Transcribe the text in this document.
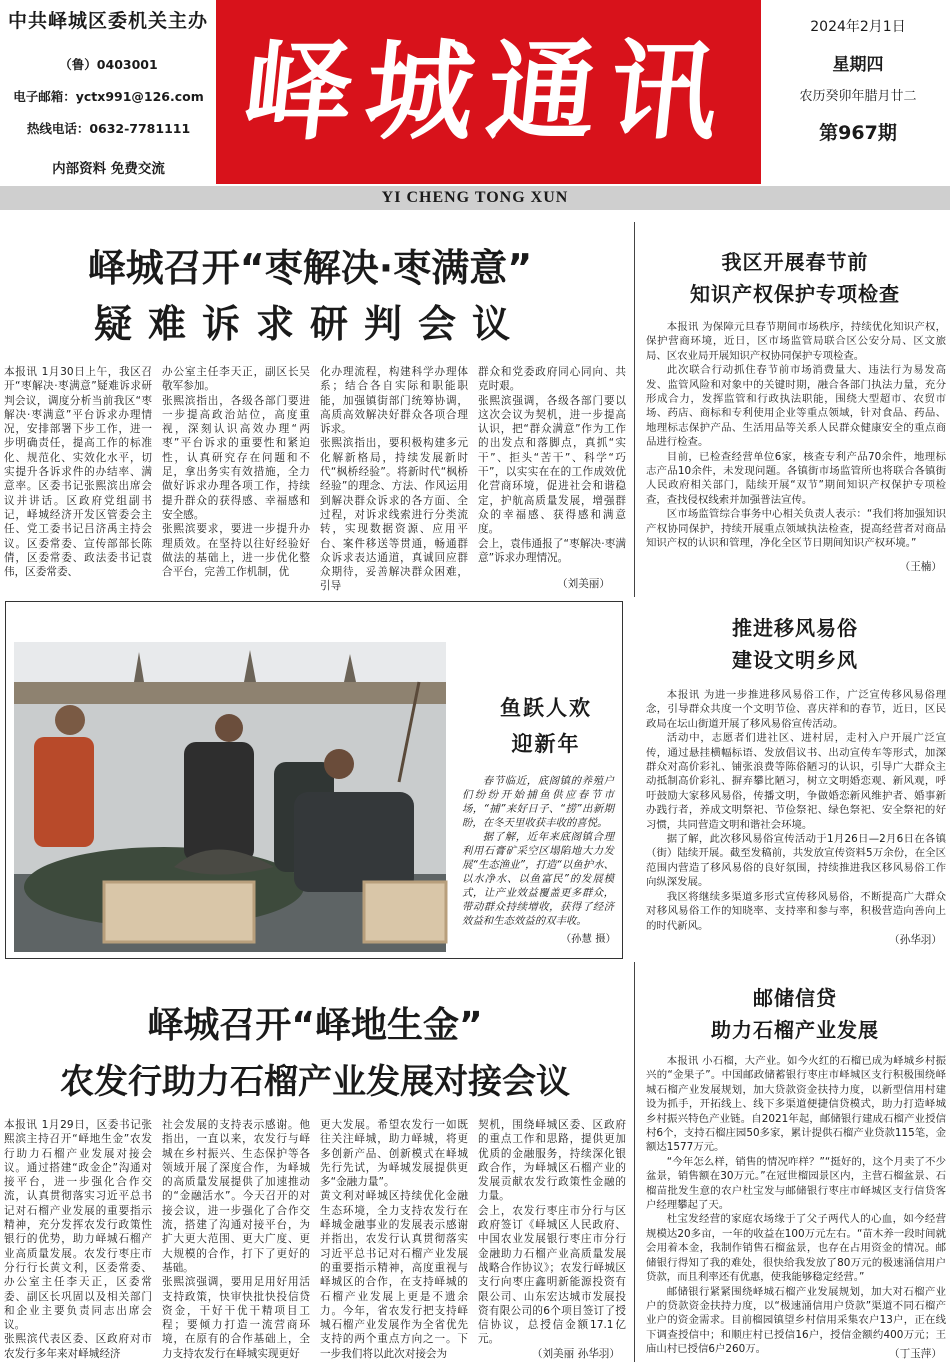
中共峄城区委机关主办
（鲁）0403001
电子邮箱：yctx991@126.com
热线电话：0632-7781111
内部资料 免费交流
峄城通讯
2024年2月1日
星期四
农历癸卯年腊月廿二
第967期
YI CHENG TONG XUN
峄城召开“枣解决·枣满意”
疑难诉求研判会议
本报讯 1月30日上午，我区召开“枣解决·枣满意”疑难诉求研判会议，调度分析当前我区“枣解决·枣满意”平台诉求办理情况，安排部署下步工作，进一步明确责任，提高工作的标准化、规范化、实效化水平，切实提升各诉求件的办结率、满意率。区委书记张熙滨出席会议并讲话。区政府党组副书记，峄城经济开发区管委会主任、党工委书记吕济禹主持会议。区委常委、宣传部部长陈倩，区委常委、政法委书记袁伟，区委常委、
办公室主任李天正，副区长吴敬军参加。
张熙滨指出，各级各部门要进一步提高政治站位，高度重视，深刻认识高效办理“两枣”平台诉求的重要性和紧迫性，认真研究存在问题和不足，拿出务实有效措施，全力做好诉求办理各项工作，持续提升群众的获得感、幸福感和安全感。
张熙滨要求，要进一步提升办理质效。在坚持以往好经验好做法的基础上，进一步优化整合平台，完善工作机制，优
化办理流程，构建科学办理体系；结合各自实际和职能职能，加强镇街部门统筹协调，高质高效解决好群众各项合理诉求。
张熙滨指出，要积极构建多元化解新格局，持续发展新时代“枫桥经验”。将新时代“枫桥经验”的理念、方法、作风运用到解决群众诉求的各方面、全过程，对诉求线索进行分类流转，实现数据资源、应用平台、案件移送等贯通，畅通群众诉求表达通道，真诚回应群众期待，妥善解决群众困难，引导
群众和党委政府同心同向、共克时艰。
张熙滨强调，各级各部门要以这次会议为契机，进一步提高认识，把“群众满意”作为工作的出发点和落脚点，真抓“实干”、拒头“苦干”、科学“巧干”，以实实在在的工作成效优化营商环境，促进社会和谐稳定，护航高质量发展，增强群众的幸福感、获得感和满意度。
会上，袁伟通报了“枣解决·枣满意”诉求办理情况。
（刘美丽）
我区开展春节前
知识产权保护专项检查

本报讯 为保障元旦春节期间市场秩序，持续优化知识产权，保护营商环境，近日，区市场监管局联合区公安分局、区文旅局、区农业局开展知识产权协同保护专项检查。

此次联合行动抓住春节前市场消费量大、违法行为易发高发、监管风险和对象中的关键时期，融合各部门执法力量，充分形成合力，发挥监管和行政执法职能，围绕大型超市、农贸市场、药店、商标和专利使用企业等重点领域，针对食品、药品、地理标志保护产品、生活用品等关系人民群众健康安全的重点商品进行检查。

目前，已检查经营单位6家，核查专利产品70余件，地理标志产品10余件，未发现问题。各镇街市场监管所也将联合各镇街人民政府相关部门，陆续开展“双节”期间知识产权保护专项检查，查找侵权线索并加强普法宣传。

区市场监管综合事务中心相关负责人表示：“我们将加强知识产权协同保护，持续开展重点领域执法检查，提高经营者对商品知识产权的认识和管理，净化全区节日期间知识产权环境。”

（王楠）
鱼跃人欢
迎新年

春节临近，底阁镇的养殖户们纷纷开始捕鱼供应春节市场，“捕”来好日子、“捞”出新期盼，在冬天里收获丰收的喜悦。

据了解，近年来底阁镇合理利用石膏矿采空区塌陷地大力发展“生态渔业”，打造“以鱼护水、以水净水、以鱼富民”的发展模式，让产业效益覆盖更多群众，带动群众持续增收，获得了经济效益和生态效益的双丰收。

（孙慧 摄）
推进移风易俗
建设文明乡风

本报讯 为进一步推进移风易俗工作，广泛宣传移风易俗理念，引导群众共度一个文明节俭、喜庆祥和的春节，近日，区民政局在坛山街道开展了移风易俗宣传活动。

活动中，志愿者们进社区、进村居，走村入户开展广泛宣传，通过悬挂横幅标语、发放倡议书、出动宣传车等形式，加深群众对高价彩礼、铺张浪费等陈俗陋习的认识，引导广大群众主动抵制高价彩礼、摒弃攀比陋习，树立文明婚恋观、新风观，呼吁鼓励大家移风易俗，传播文明，争做婚恋新风维护者、婚事新办践行者，养成文明祭祀、节俭祭祀、绿色祭祀、安全祭祀的好习惯，共同营造文明和谐社会环境。

据了解，此次移风易俗宣传活动于1月26日—2月6日在各镇（街）陆续开展。截至发稿前，共发放宣传资料5万余份，在全区范围内营造了移风易俗的良好氛围，持续推进我区移风易俗工作向纵深发展。

我区将继续多渠道多形式宣传移风易俗，不断提高广大群众对移风易俗工作的知晓率、支持率和参与率，积极营造向善向上的时代新风。

（孙华羽）
峄城召开“峄地生金”
农发行助力石榴产业发展对接会议
本报讯 1月29日，区委书记张熙滨主持召开“峄地生金”农发行助力石榴产业发展对接会议。通过搭建“政金企”沟通对接平台，进一步强化合作交流，认真贯彻落实习近平总书记对石榴产业发展的重要指示精神，充分发挥农发行政策性银行的优势，助力峄城石榴产业高质量发展。农发行枣庄市分行行长黄文利，区委常委、办公室主任李天正，区委常委、副区长巩固以及相关部门和企业主要负责同志出席会议。
张熙滨代表区委、区政府对市农发行多年来对峄城经济
社会发展的支持表示感谢。他指出，一直以来，农发行与峄城在乡村振兴、生态保护等各领域开展了深度合作，为峄城的高质量发展提供了加速推动的“金融活水”。今天召开的对接会议，进一步强化了合作交流，搭建了沟通对接平台，为扩大更大范围、更大广度、更大规模的合作，打下了更好的基础。
张熙滨强调，要用足用好用活支持政策，快审快批快投信贷资金，干好干优干精项目工程；要倾力打造一流营商环境，在原有的合作基础上，全力支持农发行在峄城实现更好
更大发展。希望农发行一如既往关注峄城，助力峄城，将更多创新产品、创新模式在峄城先行先试，为峄城发展提供更多“金融力量”。
黄文利对峄城区持续优化金融生态环境，全力支持农发行在峄城金融事业的发展表示感谢并指出，农发行认真贯彻落实习近平总书记对石榴产业发展的重要指示精神，高度重视与峄城区的合作，在支持峄城的石榴产业发展上更是不遗余力。今年，省农发行把支持峄城石榴产业发展作为全省优先支持的两个重点方向之一。下一步我们将以此次对接会为
契机，围绕峄城区委、区政府的重点工作和思路，提供更加优质的金融服务，持续深化银政合作，为峄城区石榴产业的发展贡献农发行政策性金融的力量。
会上，农发行枣庄市分行与区政府签订《峄城区人民政府、中国农业发展银行枣庄市分行金融助力石榴产业高质量发展战略合作协议》；农发行峄城区支行向枣庄鑫明新能源投资有限公司、山东宏达城市发展投资有限公司的6个项目签订了授信协议，总授信金额17.1亿元。
（刘美丽 孙华羽）
邮储信贷
助力石榴产业发展

本报讯 小石榴，大产业。如今火红的石榴已成为峄城乡村振兴的“金果子”。中国邮政储蓄银行枣庄市峄城区支行积极围绕峄城石榴产业发展规划，加大贷款资金扶持力度，以新型信用村建设为抓手，开拓线上、线下多渠道便捷信贷模式，助力打造峄城乡村振兴特色产业链。自2021年起，邮储银行建成石榴产业授信村6个，支持石榴庄园50多家，累计提供石榴产业贷款115笔，金额达1577万元。

“今年怎么样，销售的情况咋样？”“挺好的，这个月卖了不少盆景，销售额在30万元。”在冠世榴园景区内，主营石榴盆景、石榴苗批发生意的农户杜宝发与邮储银行枣庄市峄城区支行信贷客户经理攀起了天。

杜宝发经营的家庭农场缘于了父子两代人的心血，如今经营规模达20多亩，一年的收益在100万元左右。“苗木养一段时间就会用着本金，我制作销售石榴盆景，也存在占用资金的情况。邮储银行得知了我的难处，很快给我发放了80万元的极速涌信用户贷款，而且利率还有优惠，使我能够稳定经营。”

邮储银行紧紧围绕峄城石榴产业发展规划，加大对石榴产业户的贷款资金扶持力度，以“极速涌信用户贷款”渠道不同石榴产业户的资金需求。目前榴园镇望乡村信用采集农户13户，正在线下调查授信中；和顺庄村已授信16户，授信金额约400万元；王庙山村已授信6户260万。	（丁玉萍）
